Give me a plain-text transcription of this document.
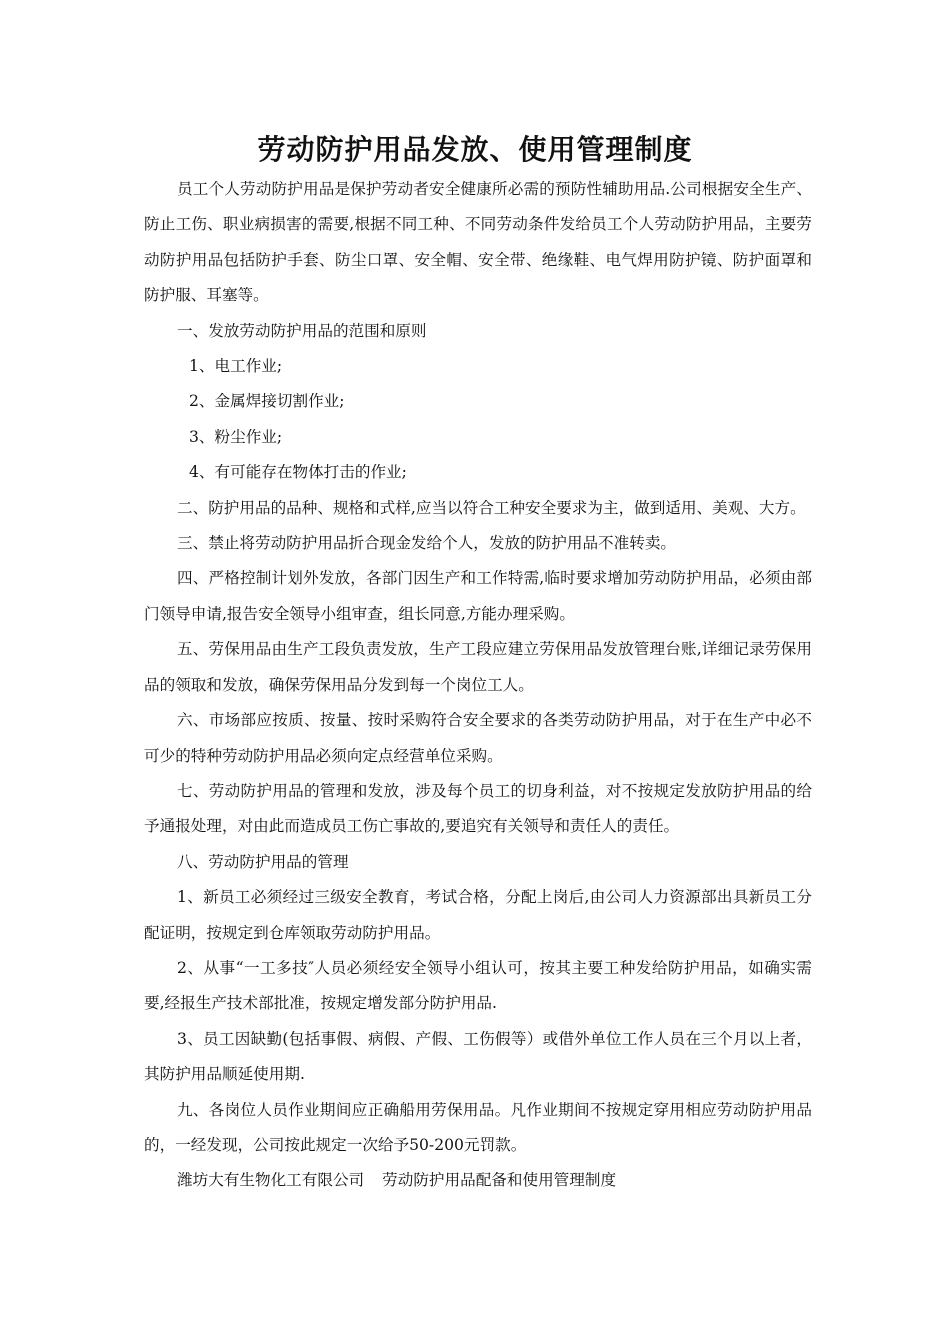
劳动防护用品发放、使用管理制度

员工个人劳动防护用品是保护劳动者安全健康所必需的预防性辅助用品.公司根据安全生产、防止工伤、职业病损害的需要,根据不同工种、不同劳动条件发给员工个人劳动防护用品，主要劳动防护用品包括防护手套、防尘口罩、安全帽、安全带、绝缘鞋、电气焊用防护镜、防护面罩和防护服、耳塞等。

一、发放劳动防护用品的范围和原则

1、电工作业;

2、金属焊接切割作业;

3、粉尘作业;

4、有可能存在物体打击的作业;

二、防护用品的品种、规格和式样,应当以符合工种安全要求为主，做到适用、美观、大方。

三、禁止将劳动防护用品折合现金发给个人，发放的防护用品不准转卖。

四、严格控制计划外发放，各部门因生产和工作特需,临时要求增加劳动防护用品，必须由部门领导申请,报告安全领导小组审查，组长同意,方能办理采购。

五、劳保用品由生产工段负责发放，生产工段应建立劳保用品发放管理台账,详细记录劳保用品的领取和发放，确保劳保用品分发到每一个岗位工人。

六、市场部应按质、按量、按时采购符合安全要求的各类劳动防护用品，对于在生产中必不可少的特种劳动防护用品必须向定点经营单位采购。

七、劳动防护用品的管理和发放，涉及每个员工的切身利益，对不按规定发放防护用品的给予通报处理，对由此而造成员工伤亡事故的,要追究有关领导和责任人的责任。

八、劳动防护用品的管理

1、新员工必须经过三级安全教育，考试合格，分配上岗后,由公司人力资源部出具新员工分配证明，按规定到仓库领取劳动防护用品。

2、从事“一工多技″人员必须经安全领导小组认可，按其主要工种发给防护用品，如确实需要,经报生产技术部批准，按规定增发部分防护用品.

3、员工因缺勤(包括事假、病假、产假、工伤假等）或借外单位工作人员在三个月以上者，其防护用品顺延使用期.

九、各岗位人员作业期间应正确船用劳保用品。凡作业期间不按规定穿用相应劳动防护用品的，一经发现，公司按此规定一次给予50-200元罚款。

潍坊大有生物化工有限公司 劳动防护用品配备和使用管理制度
